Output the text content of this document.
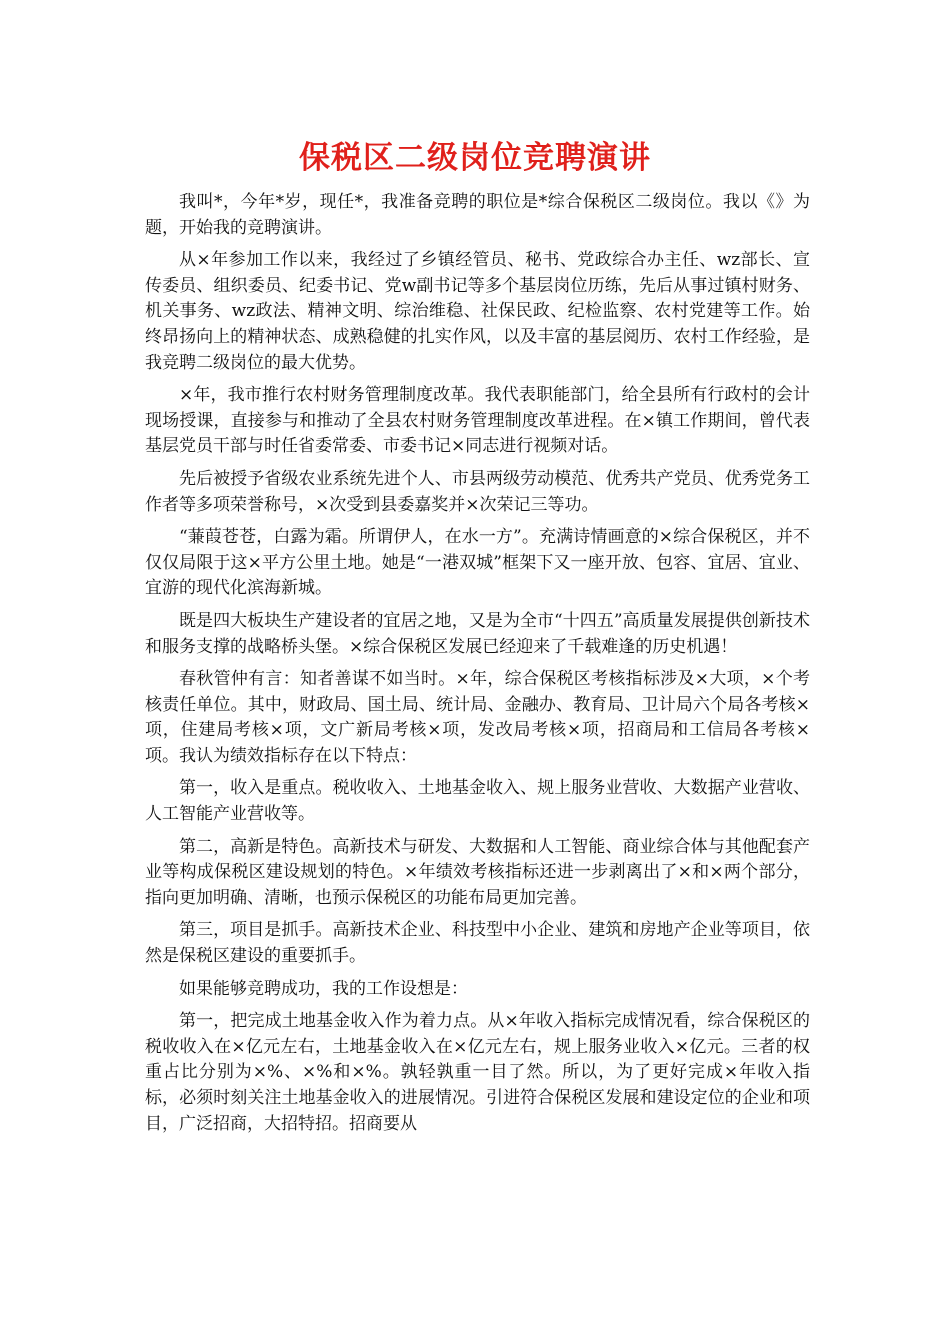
保税区二级岗位竞聘演讲

我叫*，今年*岁，现任*，我准备竞聘的职位是*综合保税区二级岗位。我以《》为题，开始我的竞聘演讲。

从×年参加工作以来，我经过了乡镇经管员、秘书、党政综合办主任、wz部长、宣传委员、组织委员、纪委书记、党w副书记等多个基层岗位历练，先后从事过镇村财务、机关事务、wz政法、精神文明、综治维稳、社保民政、纪检监察、农村党建等工作。始终昂扬向上的精神状态、成熟稳健的扎实作风，以及丰富的基层阅历、农村工作经验，是我竞聘二级岗位的最大优势。

×年，我市推行农村财务管理制度改革。我代表职能部门，给全县所有行政村的会计现场授课，直接参与和推动了全县农村财务管理制度改革进程。在×镇工作期间，曾代表基层党员干部与时任省委常委、市委书记×同志进行视频对话。

先后被授予省级农业系统先进个人、市县两级劳动模范、优秀共产党员、优秀党务工作者等多项荣誉称号，×次受到县委嘉奖并×次荣记三等功。

“蒹葭苍苍，白露为霜。所谓伊人，在水一方”。充满诗情画意的×综合保税区，并不仅仅局限于这×平方公里土地。她是“一港双城”框架下又一座开放、包容、宜居、宜业、宜游的现代化滨海新城。

既是四大板块生产建设者的宜居之地，又是为全市“十四五”高质量发展提供创新技术和服务支撑的战略桥头堡。×综合保税区发展已经迎来了千载难逢的历史机遇！

春秋管仲有言：知者善谋不如当时。×年，综合保税区考核指标涉及×大项，×个考核责任单位。其中，财政局、国土局、统计局、金融办、教育局、卫计局六个局各考核×项，住建局考核×项，文广新局考核×项，发改局考核×项，招商局和工信局各考核×项。我认为绩效指标存在以下特点：

第一，收入是重点。税收收入、土地基金收入、规上服务业营收、大数据产业营收、人工智能产业营收等。

第二，高新是特色。高新技术与研发、大数据和人工智能、商业综合体与其他配套产业等构成保税区建设规划的特色。×年绩效考核指标还进一步剥离出了×和×两个部分，指向更加明确、清晰，也预示保税区的功能布局更加完善。

第三，项目是抓手。高新技术企业、科技型中小企业、建筑和房地产企业等项目，依然是保税区建设的重要抓手。

如果能够竞聘成功，我的工作设想是：

第一，把完成土地基金收入作为着力点。从×年收入指标完成情况看，综合保税区的税收收入在×亿元左右，土地基金收入在×亿元左右，规上服务业收入×亿元。三者的权重占比分别为×%、×%和×%。孰轻孰重一目了然。所以，为了更好完成×年收入指标，必须时刻关注土地基金收入的进展情况。引进符合保税区发展和建设定位的企业和项目，广泛招商，大招特招。招商要从
